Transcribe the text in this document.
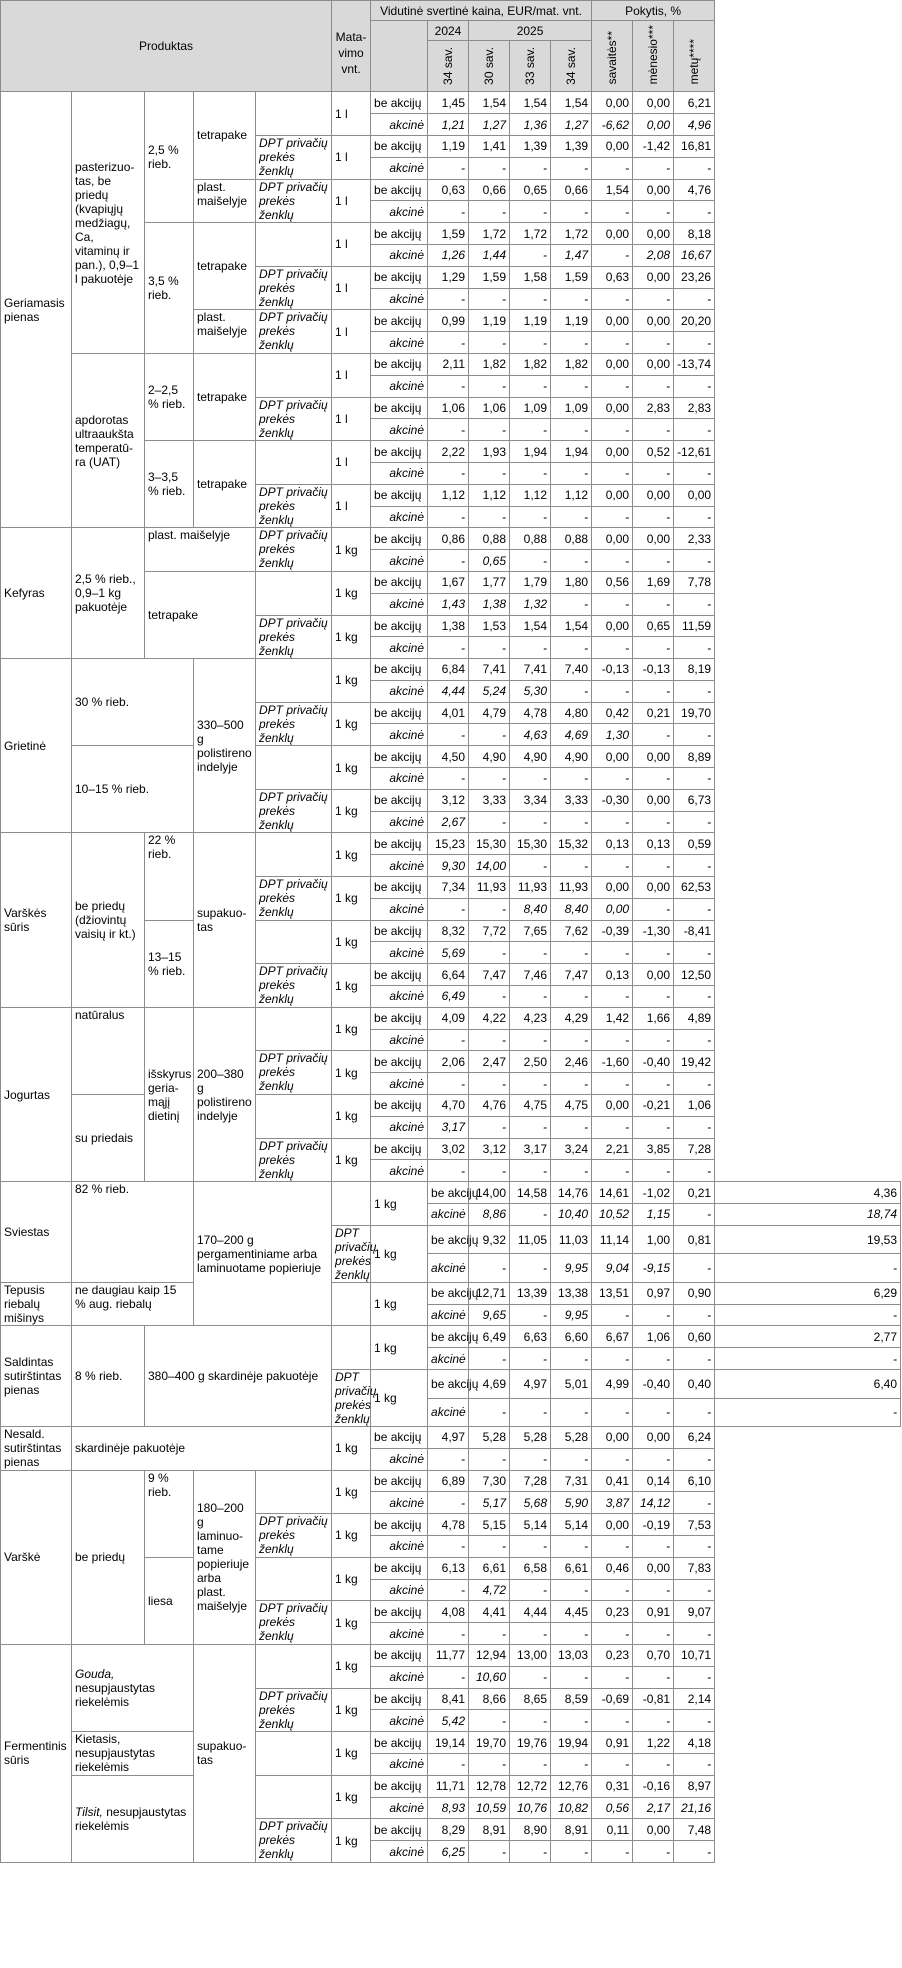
Produktas					Mata-vimo vnt.	Vidutinė svertinė kaina, EUR/mat. vnt.					Pokytis, %			
							2024	2025			savaitės**	mėnesio***	metų****	
							34 sav.	30 sav.	33 sav.	34 sav.				
Geriamasis pienas	pasterizuo-tas, be priedų (kvapiųjų medžiagų, Ca, vitaminų ir pan.), 0,9–1 l pakuotėje	2,5 % rieb.	tetrapake		1 l	be akcijų	1,45	1,54	1,54	1,54	0,00	0,00	6,21	
						akcinė	1,21	1,27	1,36	1,27	-6,62	0,00	4,96	
				DPT privačių prekės ženklų	1 l	be akcijų	1,19	1,41	1,39	1,39	0,00	-1,42	16,81	
						akcinė	-	-	-	-	-	-	-	
			plast. maišelyje	DPT privačių prekės ženklų	1 l	be akcijų	0,63	0,66	0,65	0,66	1,54	0,00	4,76	
						akcinė	-	-	-	-	-	-	-	
		3,5 % rieb.	tetrapake		1 l	be akcijų	1,59	1,72	1,72	1,72	0,00	0,00	8,18	
						akcinė	1,26	1,44	-	1,47	-	2,08	16,67	
				DPT privačių prekės ženklų	1 l	be akcijų	1,29	1,59	1,58	1,59	0,63	0,00	23,26	
						akcinė	-	-	-	-	-	-	-	
			plast. maišelyje	DPT privačių prekės ženklų	1 l	be akcijų	0,99	1,19	1,19	1,19	0,00	0,00	20,20	
						akcinė	-	-	-	-	-	-	-	
	apdorotas ultraaukšta temperatū-ra (UAT)	2–2,5 % rieb.	tetrapake		1 l	be akcijų	2,11	1,82	1,82	1,82	0,00	0,00	-13,74	
						akcinė	-	-	-	-	-	-	-	
				DPT privačių prekės ženklų	1 l	be akcijų	1,06	1,06	1,09	1,09	0,00	2,83	2,83	
						akcinė	-	-	-	-	-	-	-	
		3–3,5 % rieb.	tetrapake		1 l	be akcijų	2,22	1,93	1,94	1,94	0,00	0,52	-12,61	
						akcinė	-	-	-	-	-	-	-	
				DPT privačių prekės ženklų	1 l	be akcijų	1,12	1,12	1,12	1,12	0,00	0,00	0,00	
						akcinė	-	-	-	-	-	-	-	
Kefyras	2,5 % rieb., 0,9–1 kg pakuotėje	plast. maišelyje		DPT privačių prekės ženklų	1 kg	be akcijų	0,86	0,88	0,88	0,88	0,00	0,00	2,33	
						akcinė	-	0,65	-	-	-	-	-	
		tetrapake			1 kg	be akcijų	1,67	1,77	1,79	1,80	0,56	1,69	7,78	
						akcinė	1,43	1,38	1,32	-	-	-	-	
				DPT privačių prekės ženklų	1 kg	be akcijų	1,38	1,53	1,54	1,54	0,00	0,65	11,59	
						akcinė	-	-	-	-	-	-	-	
Grietinė	30 % rieb.		330–500 g polistireno indelyje		1 kg	be akcijų	6,84	7,41	7,41	7,40	-0,13	-0,13	8,19	
						akcinė	4,44	5,24	5,30	-	-	-	-	
				DPT privačių prekės ženklų	1 kg	be akcijų	4,01	4,79	4,78	4,80	0,42	0,21	19,70	
						akcinė	-	-	4,63	4,69	1,30	-	-	
	10–15 % rieb.				1 kg	be akcijų	4,50	4,90	4,90	4,90	0,00	0,00	8,89	
						akcinė	-	-	-	-	-	-	-	
				DPT privačių prekės ženklų	1 kg	be akcijų	3,12	3,33	3,34	3,33	-0,30	0,00	6,73	
						akcinė	2,67	-	-	-	-	-	-	
Varškės sūris	be priedų (džiovintų vaisių ir kt.)	22 % rieb.	supakuo-tas		1 kg	be akcijų	15,23	15,30	15,30	15,32	0,13	0,13	0,59	
						akcinė	9,30	14,00	-	-	-	-	-	
				DPT privačių prekės ženklų	1 kg	be akcijų	7,34	11,93	11,93	11,93	0,00	0,00	62,53	
						akcinė	-	-	8,40	8,40	0,00	-	-	
		13–15 % rieb.			1 kg	be akcijų	8,32	7,72	7,65	7,62	-0,39	-1,30	-8,41	
						akcinė	5,69	-	-	-	-	-	-	
				DPT privačių prekės ženklų	1 kg	be akcijų	6,64	7,47	7,46	7,47	0,13	0,00	12,50	
						akcinė	6,49	-	-	-	-	-	-	
Jogurtas	natūralus	išskyrus geria-mąjį dietinį	200–380 g polistireno indelyje		1 kg	be akcijų	4,09	4,22	4,23	4,29	1,42	1,66	4,89	
						akcinė	-	-	-	-	-	-	-	
				DPT privačių prekės ženklų	1 kg	be akcijų	2,06	2,47	2,50	2,46	-1,60	-0,40	19,42	
						akcinė	-	-	-	-	-	-	-	
	su priedais				1 kg	be akcijų	4,70	4,76	4,75	4,75	0,00	-0,21	1,06	
						akcinė	3,17	-	-	-	-	-	-	
				DPT privačių prekės ženklų	1 kg	be akcijų	3,02	3,12	3,17	3,24	2,21	3,85	7,28	
						akcinė	-	-	-	-	-	-	-	
Sviestas	82 % rieb.		170–200 g pergamentiniame arba laminuotame popieriuje			1 kg	be akcijų	14,00	14,58	14,76	14,61	-1,02	0,21	4,36
							akcinė	8,86	-	10,40	10,52	1,15	-	18,74
					DPT privačių prekės ženklų	1 kg	be akcijų	9,32	11,05	11,03	11,14	1,00	0,81	19,53
							akcinė	-	-	9,95	9,04	-9,15	-	-
Tepusis riebalų mišinys	ne daugiau kaip 15 % aug. riebalų					1 kg	be akcijų	12,71	13,39	13,38	13,51	0,97	0,90	6,29
							akcinė	9,65	-	9,95	-	-	-	-
Saldintas sutirštintas pienas	8 % rieb.	380–400 g skardinėje pakuotėje				1 kg	be akcijų	6,49	6,63	6,60	6,67	1,06	0,60	2,77
							akcinė	-	-	-	-	-	-	-
					DPT privačių prekės ženklų	1 kg	be akcijų	4,69	4,97	5,01	4,99	-0,40	0,40	6,40
							akcinė	-	-	-	-	-	-	-
Nesald. sutirštintas pienas	skardinėje pakuotėje				1 kg	be akcijų	4,97	5,28	5,28	5,28	0,00	0,00	6,24	
						akcinė	-	-	-	-	-	-	-	
Varškė	be priedų	9 % rieb.	180–200 g laminuo-tame popieriuje arba plast. maišelyje		1 kg	be akcijų	6,89	7,30	7,28	7,31	0,41	0,14	6,10	
						akcinė	-	5,17	5,68	5,90	3,87	14,12	-	
				DPT privačių prekės ženklų	1 kg	be akcijų	4,78	5,15	5,14	5,14	0,00	-0,19	7,53	
						akcinė	-	-	-	-	-	-	-	
		liesa			1 kg	be akcijų	6,13	6,61	6,58	6,61	0,46	0,00	7,83	
						akcinė	-	4,72	-	-	-	-	-	
				DPT privačių prekės ženklų	1 kg	be akcijų	4,08	4,41	4,44	4,45	0,23	0,91	9,07	
						akcinė	-	-	-	-	-	-	-	
Fermentinis sūris	Gouda, nesupjaustytas riekelėmis		supakuo-tas		1 kg	be akcijų	11,77	12,94	13,00	13,03	0,23	0,70	10,71	
						akcinė	-	10,60	-	-	-	-	-	
				DPT privačių prekės ženklų	1 kg	be akcijų	8,41	8,66	8,65	8,59	-0,69	-0,81	2,14	
						akcinė	5,42	-	-	-	-	-	-	
	Kietasis, nesupjaustytas riekelėmis				1 kg	be akcijų	19,14	19,70	19,76	19,94	0,91	1,22	4,18	
						akcinė	-	-	-	-	-	-	-	
	Tilsit, nesupjaustytas riekelėmis				1 kg	be akcijų	11,71	12,78	12,72	12,76	0,31	-0,16	8,97	
						akcinė	8,93	10,59	10,76	10,82	0,56	2,17	21,16	
				DPT privačių prekės ženklų	1 kg	be akcijų	8,29	8,91	8,90	8,91	0,11	0,00	7,48	
						akcinė	6,25	-	-	-	-	-	-	
